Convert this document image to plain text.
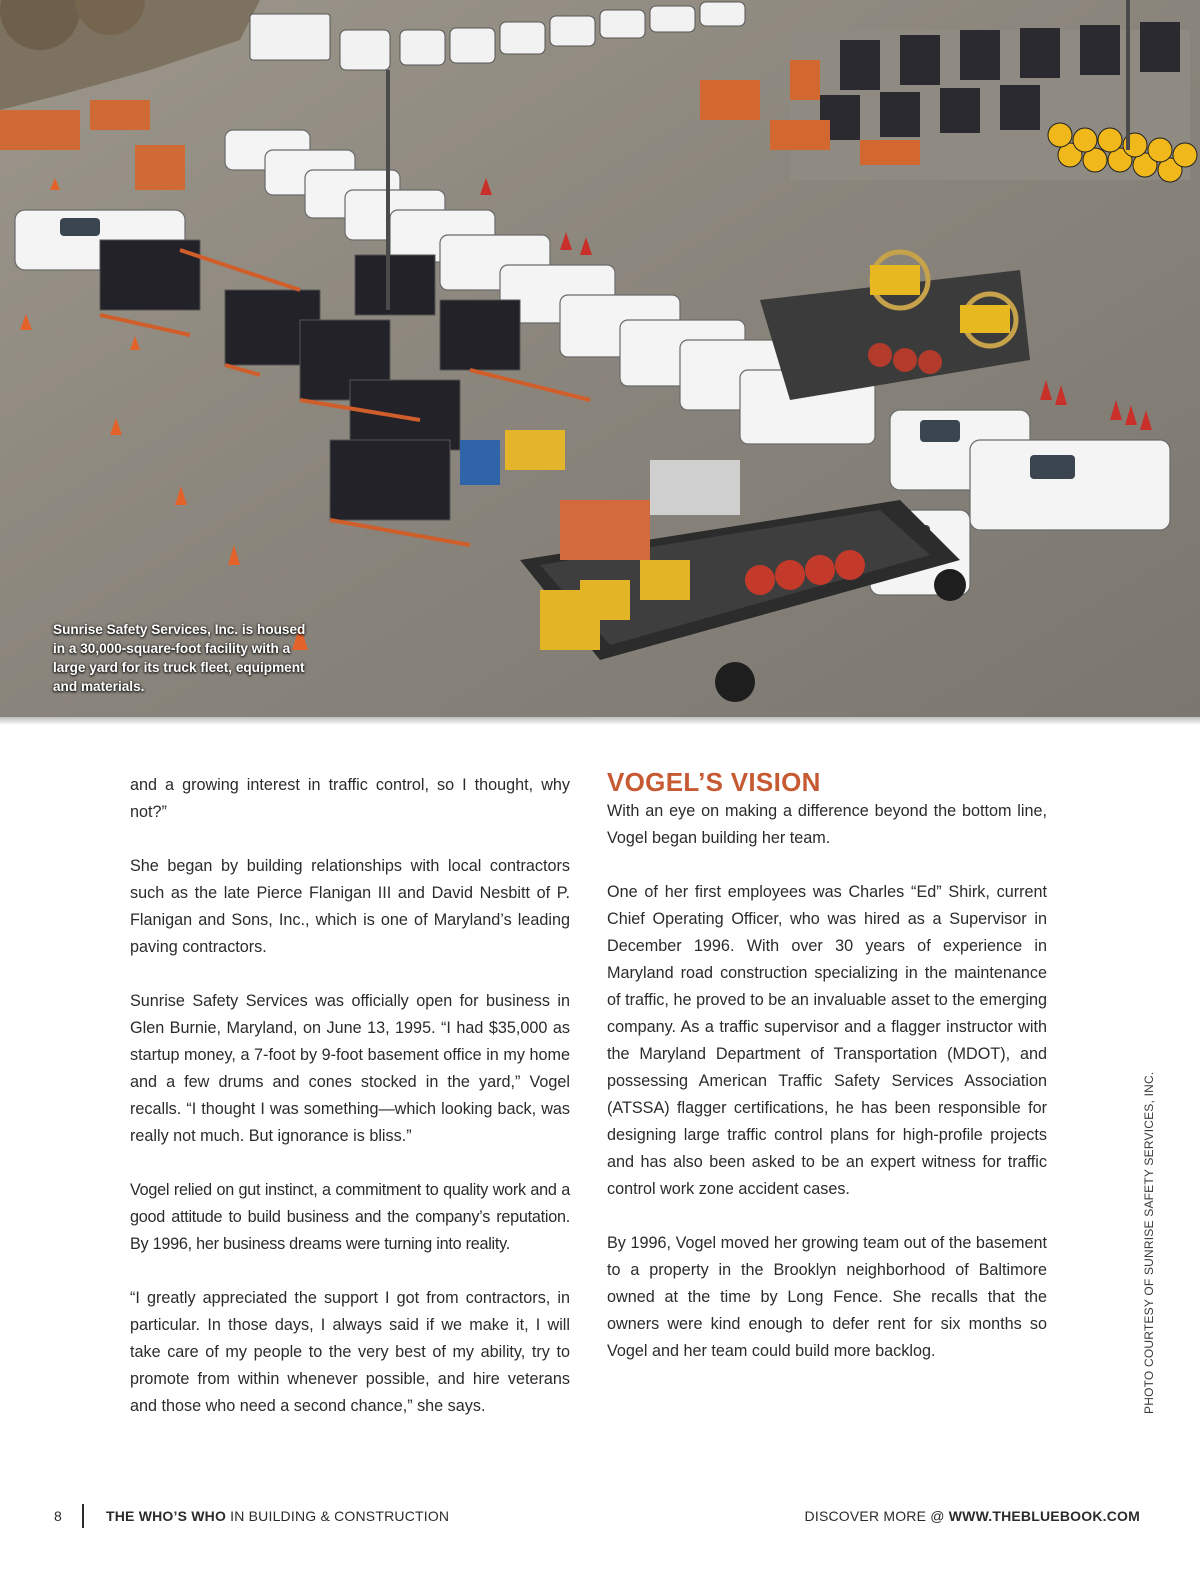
Sunrise Safety Services, Inc. is housed in a 30,000-square-foot facility with a large yard for its truck fleet, equipment and materials.

and a growing interest in traffic control, so I thought, why not?”

She began by building relationships with local contractors such as the late Pierce Flanigan III and David Nesbitt of P. Flanigan and Sons, Inc., which is one of Maryland’s leading paving contractors.

Sunrise Safety Services was officially open for business in Glen Burnie, Maryland, on June 13, 1995. “I had $35,000 as startup money, a 7-foot by 9-foot basement office in my home and a few drums and cones stocked in the yard,” Vogel recalls. “I thought I was something—which looking back, was really not much. But ignorance is bliss.”

Vogel relied on gut instinct, a commitment to quality work and a good attitude to build business and the company’s reputation. By 1996, her business dreams were turning into reality.

“I greatly appreciated the support I got from contractors, in particular. In those days, I always said if we make it, I will take care of my people to the very best of my ability, try to promote from within whenever possible, and hire veterans and those who need a second chance,” she says.

VOGEL’S VISION

With an eye on making a difference beyond the bottom line, Vogel began building her team.

One of her first employees was Charles “Ed” Shirk, current Chief Operating Officer, who was hired as a Supervisor in December 1996. With over 30 years of experience in Maryland road construction specializing in the maintenance of traffic, he proved to be an invaluable asset to the emerging company. As a traffic supervisor and a flagger instructor with the Maryland Department of Transportation (MDOT), and possessing American Traffic Safety Services Association (ATSSA) flagger certifications, he has been responsible for designing large traffic control plans for high-profile projects and has also been asked to be an expert witness for traffic control work zone accident cases.

By 1996, Vogel moved her growing team out of the basement to a property in the Brooklyn neighborhood of Baltimore owned at the time by Long Fence. She recalls that the owners were kind enough to defer rent for six months so Vogel and her team could build more backlog.	PHOTO COURTESY OF SUNRISE SAFETY SERVICES, INC.
8	THE WHO’S WHO IN BUILDING & CONSTRUCTION	DISCOVER MORE @ WWW.THEBLUEBOOK.COM
